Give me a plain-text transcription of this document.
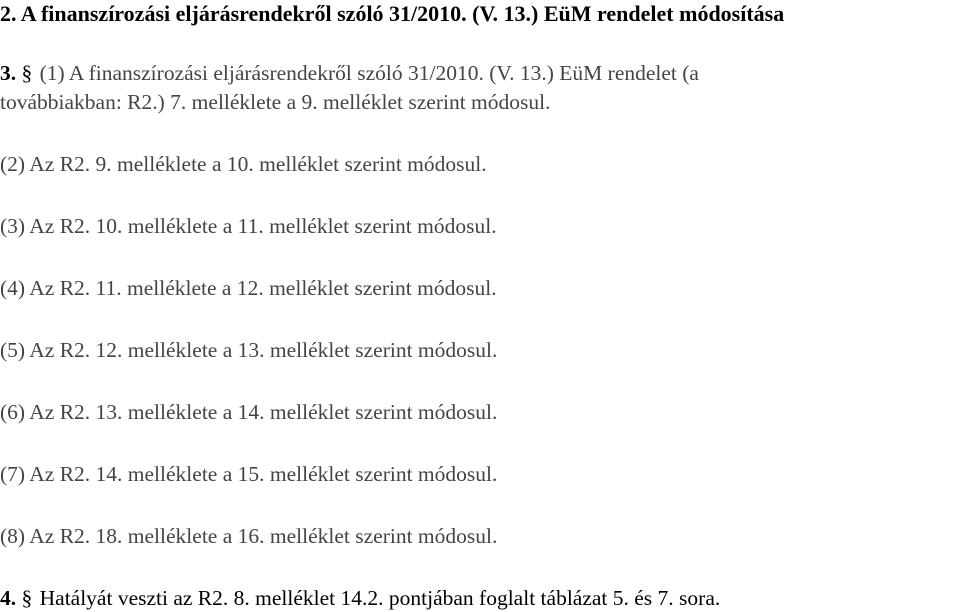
2. A finanszírozási eljárásrendekről szóló 31/2010. (V. 13.) EüM rendelet módosítása
3. § (1) A finanszírozási eljárásrendekről szóló 31/2010. (V. 13.) EüM rendelet (a
továbbiakban: R2.) 7. melléklete a 9. melléklet szerint módosul.
(2) Az R2. 9. melléklete a 10. melléklet szerint módosul.
(3) Az R2. 10. melléklete a 11. melléklet szerint módosul.
(4) Az R2. 11. melléklete a 12. melléklet szerint módosul.
(5) Az R2. 12. melléklete a 13. melléklet szerint módosul.
(6) Az R2. 13. melléklete a 14. melléklet szerint módosul.
(7) Az R2. 14. melléklete a 15. melléklet szerint módosul.
(8) Az R2. 18. melléklete a 16. melléklet szerint módosul.
4. § Hatályát veszti az R2. 8. melléklet 14.2. pontjában foglalt táblázat 5. és 7. sora.
